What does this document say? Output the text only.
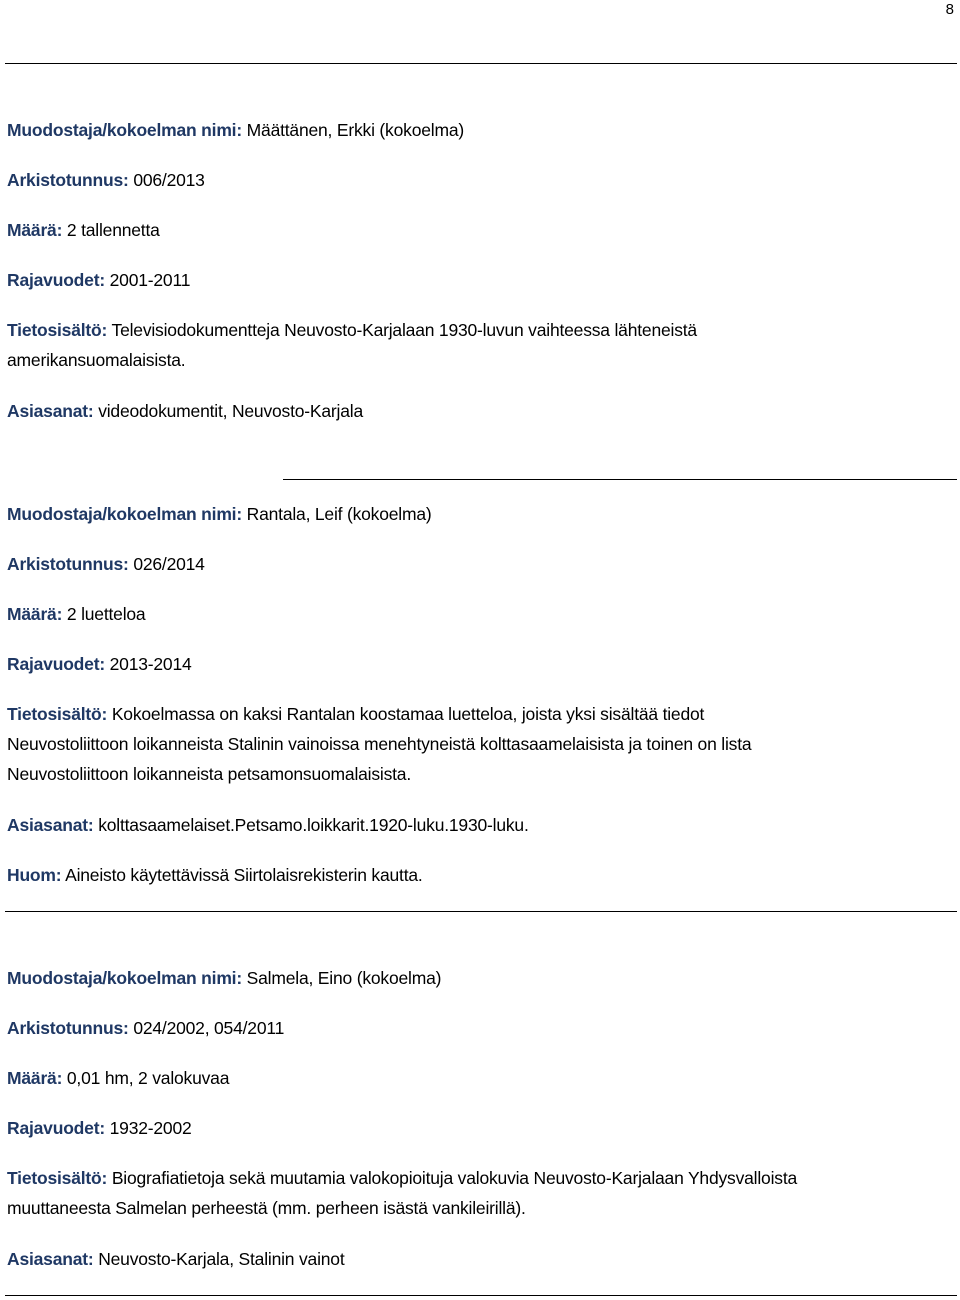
8
Muodostaja/kokoelman nimi: Määttänen, Erkki (kokoelma)
Arkistotunnus: 006/2013
Määrä: 2 tallennetta
Rajavuodet: 2001-2011
Tietosisältö: Televisiodokumentteja Neuvosto-Karjalaan 1930-luvun vaihteessa lähteneistä
amerikansuomalaisista.
Asiasanat: videodokumentit, Neuvosto-Karjala
Muodostaja/kokoelman nimi: Rantala, Leif (kokoelma)
Arkistotunnus: 026/2014
Määrä: 2 luetteloa
Rajavuodet: 2013-2014
Tietosisältö: Kokoelmassa on kaksi Rantalan koostamaa luetteloa, joista yksi sisältää tiedot
Neuvostoliittoon loikanneista Stalinin vainoissa menehtyneistä kolttasaamelaisista ja toinen on lista
Neuvostoliittoon loikanneista petsamonsuomalaisista.
Asiasanat: kolttasaamelaiset.Petsamo.loikkarit.1920-luku.1930-luku.
Huom: Aineisto käytettävissä Siirtolaisrekisterin kautta.
Muodostaja/kokoelman nimi: Salmela, Eino (kokoelma)
Arkistotunnus: 024/2002, 054/2011
Määrä: 0,01 hm, 2 valokuvaa
Rajavuodet: 1932-2002
Tietosisältö: Biografiatietoja sekä muutamia valokopioituja valokuvia Neuvosto-Karjalaan Yhdysvalloista
muuttaneesta Salmelan perheestä (mm. perheen isästä vankileirillä).
Asiasanat: Neuvosto-Karjala, Stalinin vainot
